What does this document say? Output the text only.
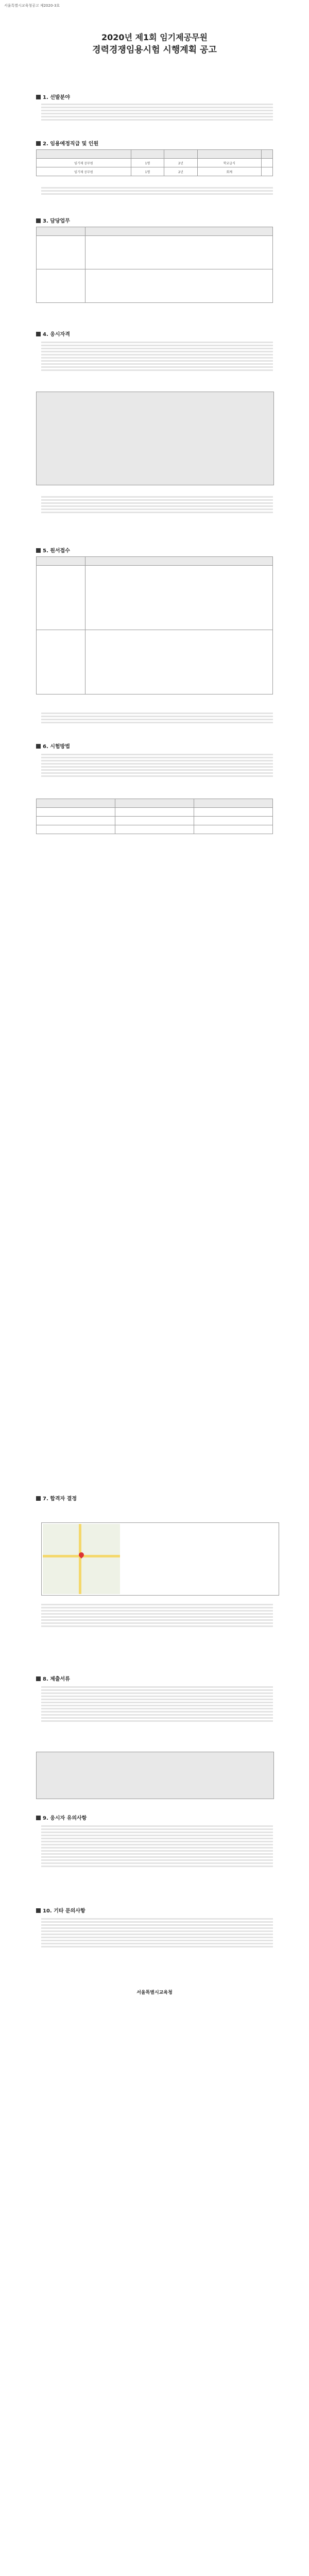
서울특별시교육청공고 제2020-3호
2020년 제1회 임기제공무원
경력경쟁임용시험 시행계획 공고
1. 선발분야
2. 임용예정직급 및 인원

임기제 공무원	1명	2년	학교급식	
임기제 공무원	1명	2년	회계	
3. 담당업무

4. 응시자격
5. 원서접수

6. 시험방법

7. 합격자 결정
8. 제출서류
9. 응시자 유의사항
10. 기타 문의사항
서울특별시교육청
